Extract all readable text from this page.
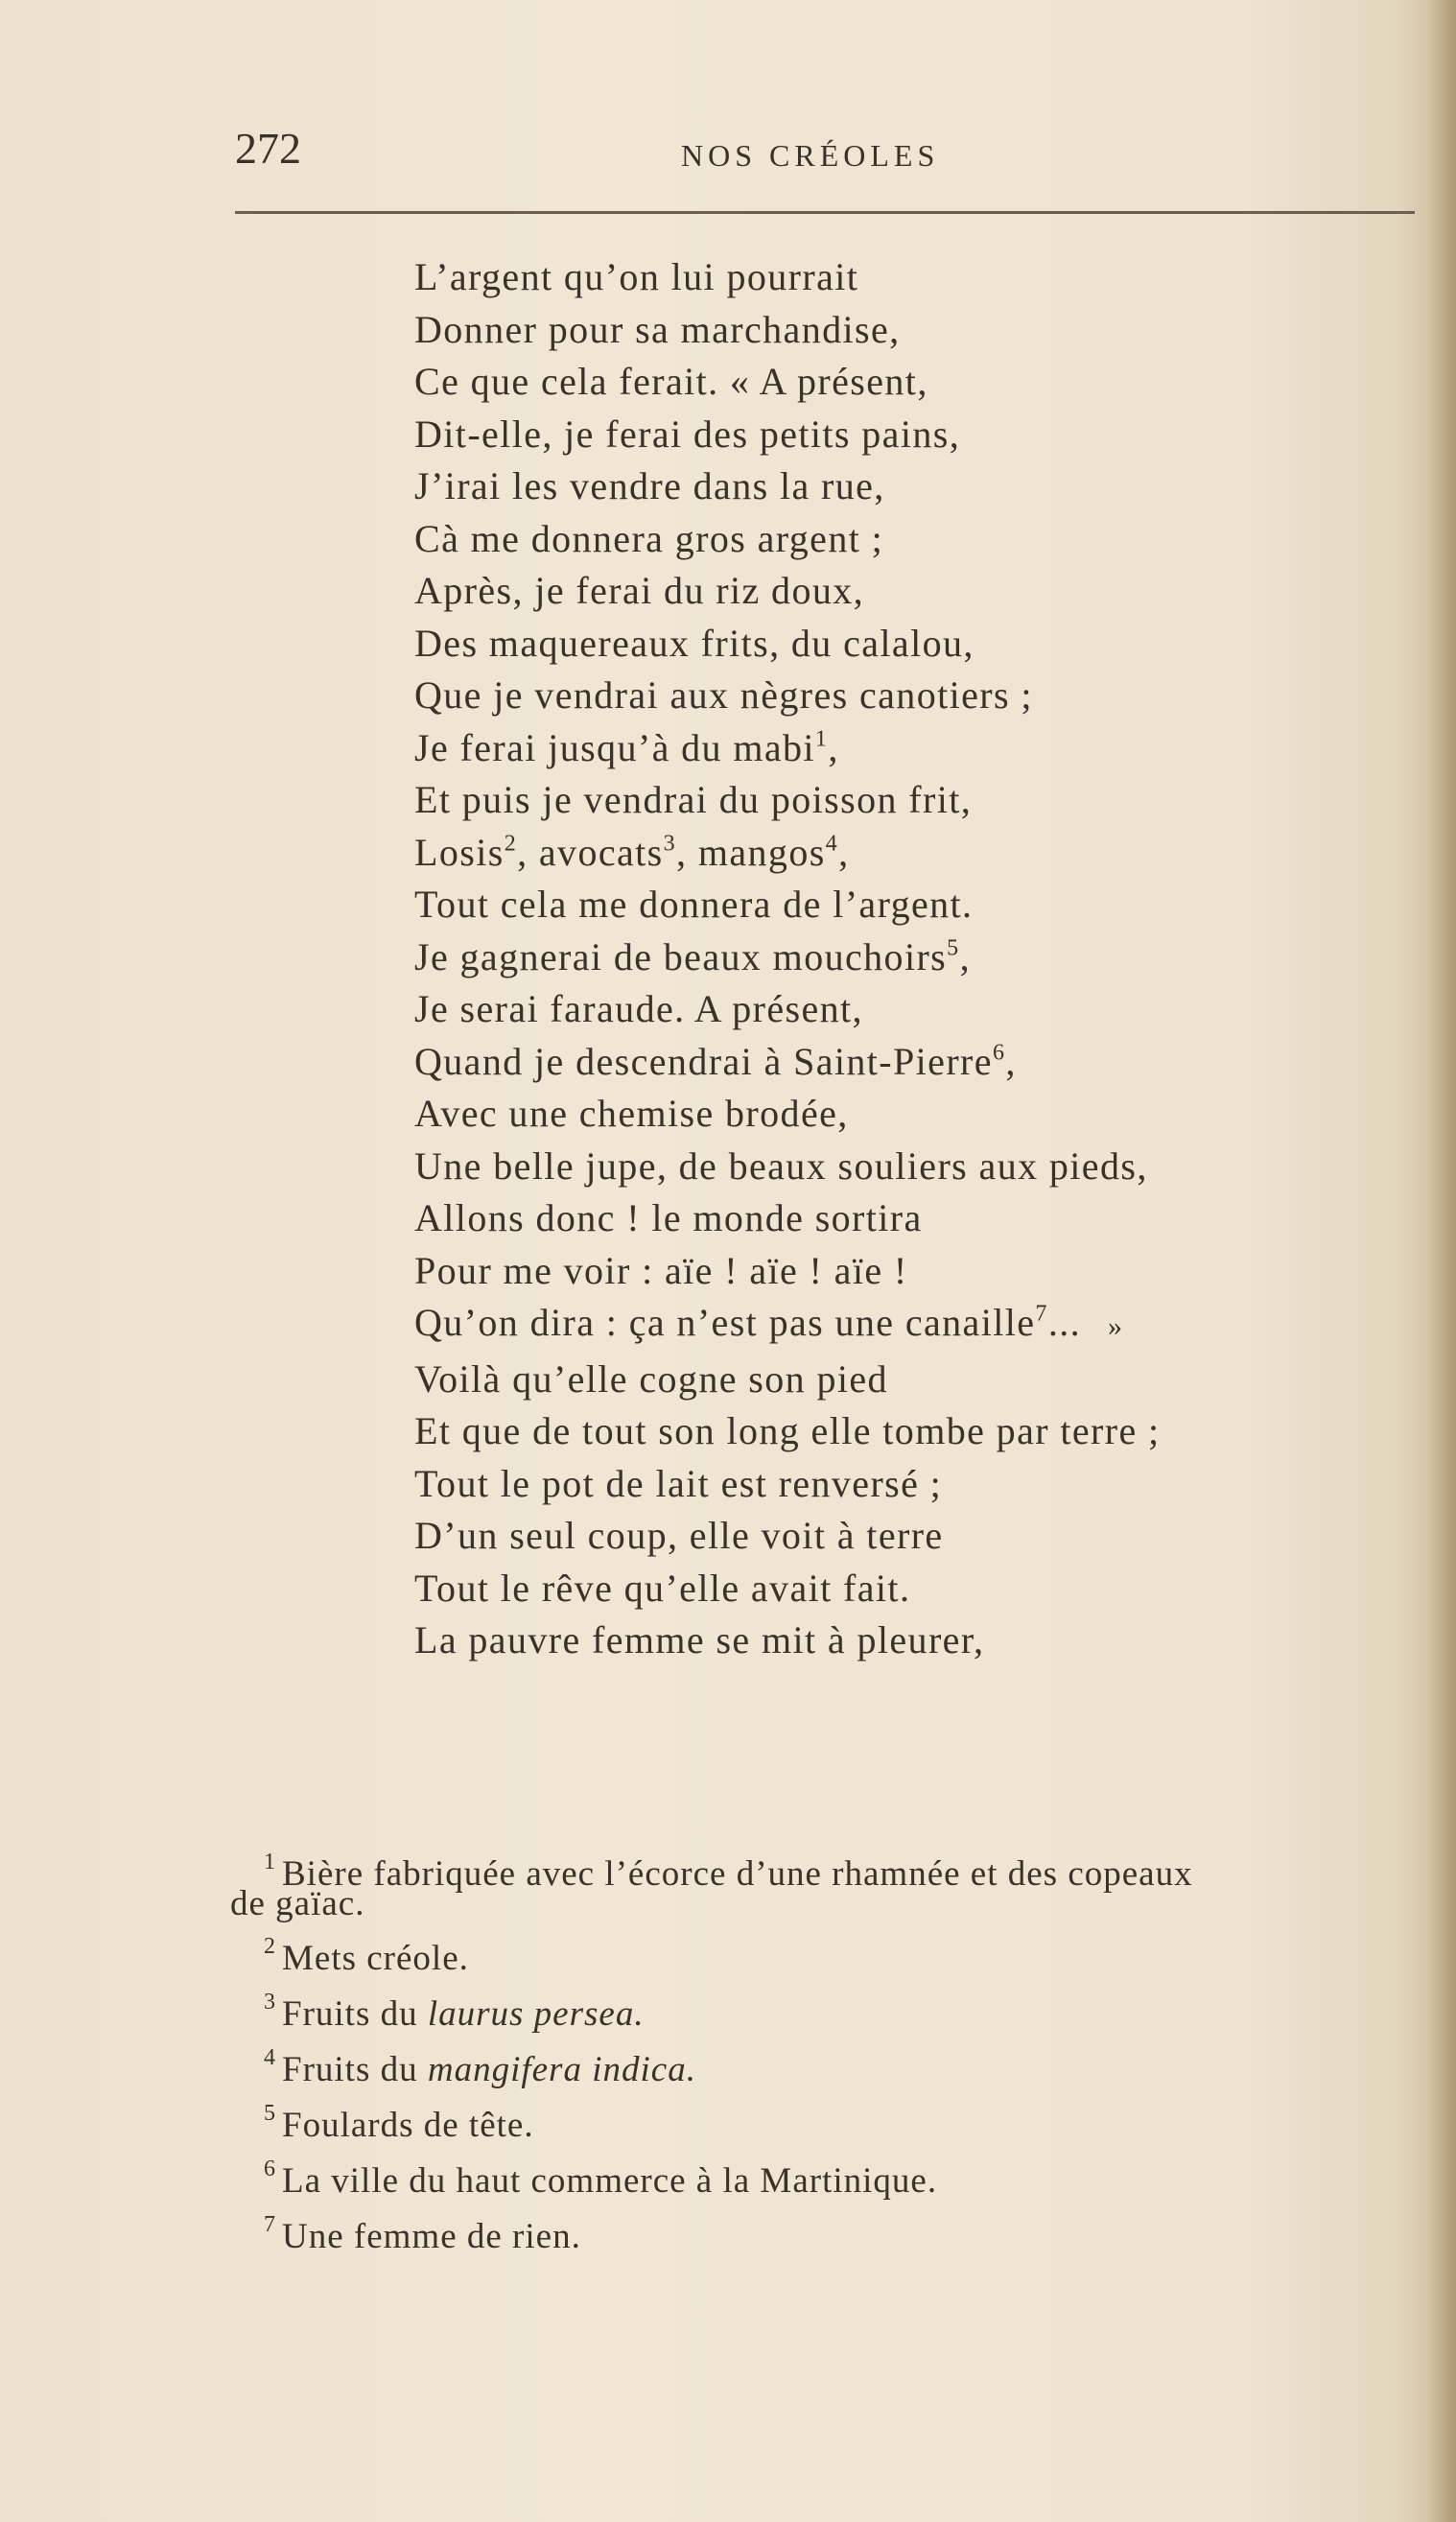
272	NOS CRÉOLES
L’argent qu’on lui pourrait
Donner pour sa marchandise,
Ce que cela ferait. « A présent,
Dit-elle, je ferai des petits pains,
J’irai les vendre dans la rue,
Cà me donnera gros argent ;
Après, je ferai du riz doux,
Des maquereaux frits, du calalou,
Que je vendrai aux nègres canotiers ;
Je ferai jusqu’à du mabi$^1$,
Et puis je vendrai du poisson frit,
Losis$^2$, avocats$^3$, mangos$^4$,
Tout cela me donnera de l’argent.
Je gagnerai de beaux mouchoirs$^5$,
Je serai faraude. A présent,
Quand je descendrai à Saint-Pierre$^6$,
Avec une chemise brodée,
Une belle jupe, de beaux souliers aux pieds,
Allons donc ! le monde sortira
Pour me voir : aïe ! aïe ! aïe !
Qu’on dira : ça n’est pas une canaille$^7$... »
Voilà qu’elle cogne son pied
Et que de tout son long elle tombe par terre ;
Tout le pot de lait est renversé ;
D’un seul coup, elle voit à terre
Tout le rêve qu’elle avait fait.
La pauvre femme se mit à pleurer,
$^1$ Bière fabriquée avec l’écorce d’une rhamnée et des copeaux
de gaïac.
$^2$ Mets créole.
$^3$ Fruits du laurus persea.
$^4$ Fruits du mangifera indica.
$^5$ Foulards de tête.
$^6$ La ville du haut commerce à la Martinique.
$^7$ Une femme de rien.
